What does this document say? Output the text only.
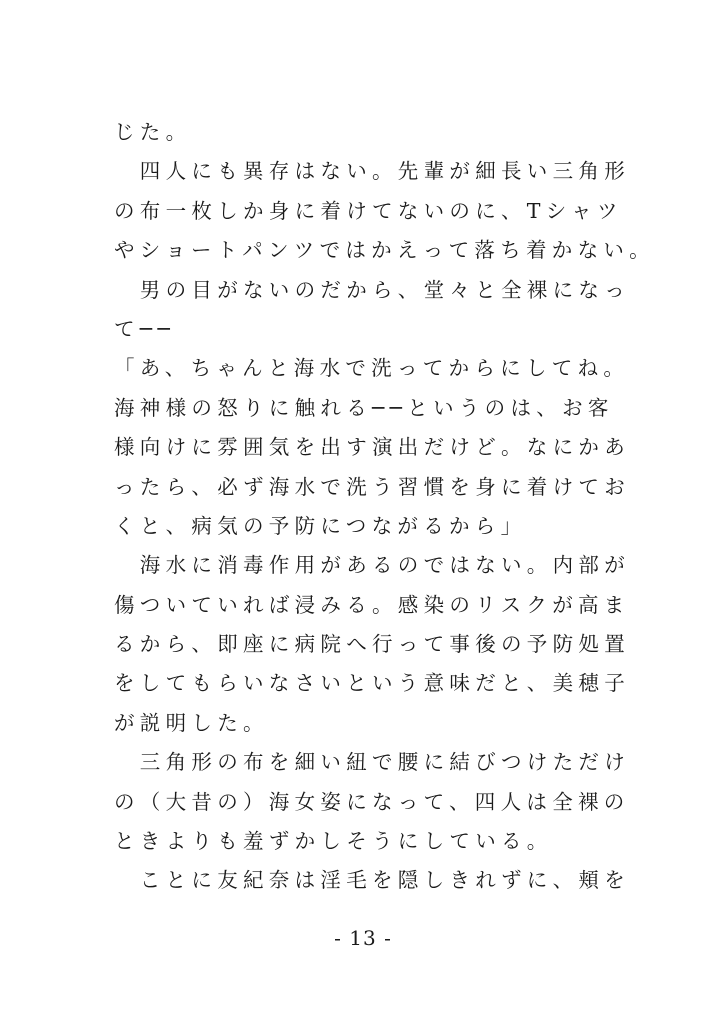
じた。
　四人にも異存はない。先輩が細長い三角形
の布一枚しか身に着けてないのに、Tシャツ
やショートパンツではかえって落ち着かない。
　男の目がないのだから、堂々と全裸になっ
て──
「あ、ちゃんと海水で洗ってからにしてね。
海神様の怒りに触れる──というのは、お客
様向けに雰囲気を出す演出だけど。なにかあ
ったら、必ず海水で洗う習慣を身に着けてお
くと、病気の予防につながるから」
　海水に消毒作用があるのではない。内部が
傷ついていれば浸みる。感染のリスクが高ま
るから、即座に病院へ行って事後の予防処置
をしてもらいなさいという意味だと、美穂子
が説明した。
　三角形の布を細い紐で腰に結びつけただけ
の（大昔の）海女姿になって、四人は全裸の
ときよりも羞ずかしそうにしている。
　ことに友紀奈は淫毛を隠しきれずに、頬を
- 13 -
